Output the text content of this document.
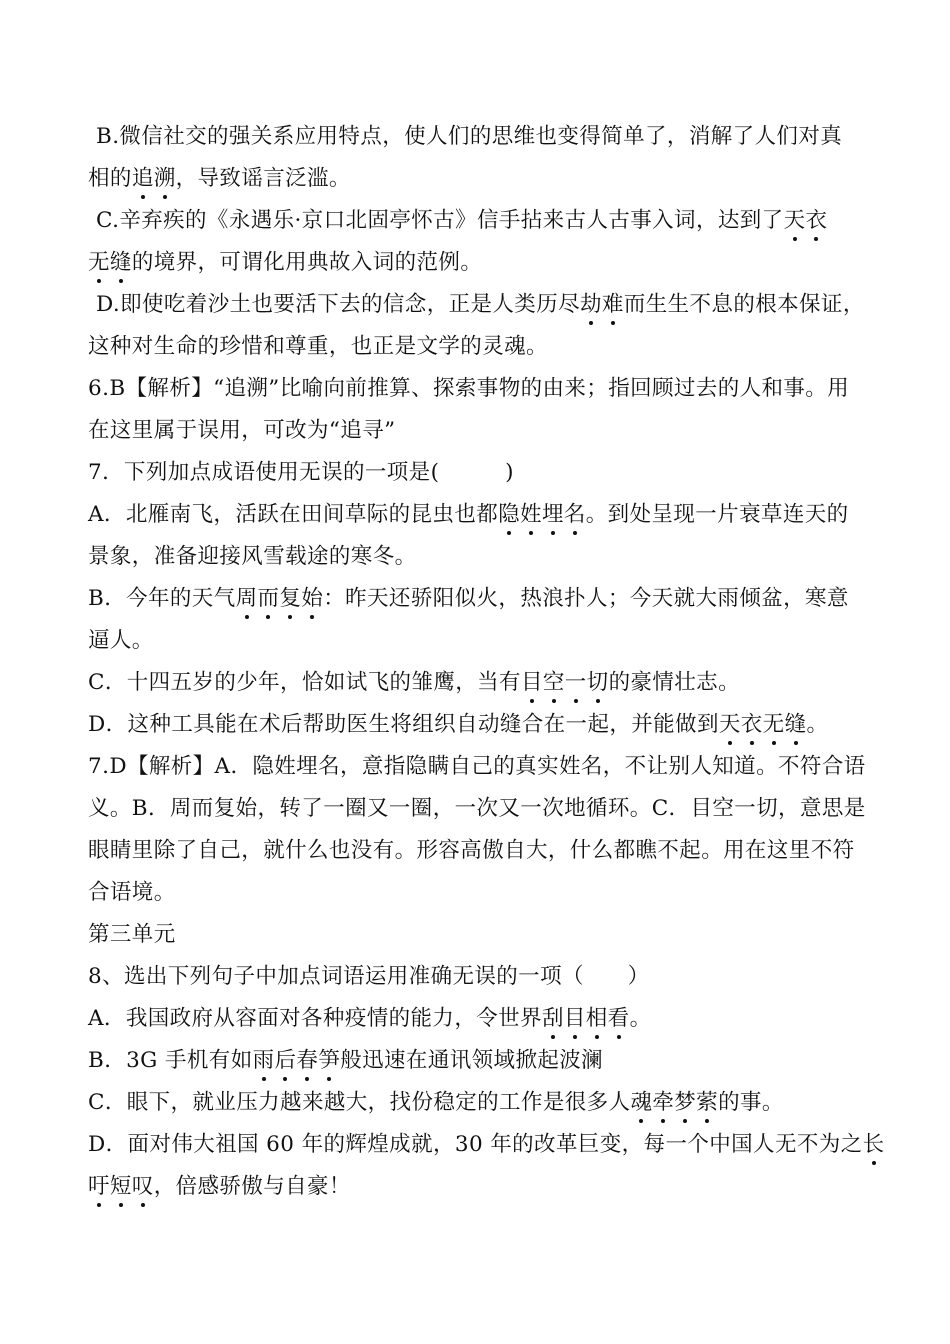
B.微信社交的强关系应用特点，使人们的思维也变得简单了，消解了人们对真
相的追溯，导致谣言泛滥。
C.辛弃疾的《永遇乐·京口北固亭怀古》信手拈来古人古事入词，达到了天衣
无缝的境界，可谓化用典故入词的范例。
D.即使吃着沙土也要活下去的信念，正是人类历尽劫难而生生不息的根本保证，
这种对生命的珍惜和尊重，也正是文学的灵魂。
6.B【解析】“追溯”比喻向前推算、探索事物的由来；指回顾过去的人和事。用
在这里属于误用，可改为“追寻”
7．下列加点成语使用无误的一项是(　　　)
A．北雁南飞，活跃在田间草际的昆虫也都隐姓埋名。到处呈现一片衰草连天的
景象，准备迎接风雪载途的寒冬。
B．今年的天气周而复始：昨天还骄阳似火，热浪扑人；今天就大雨倾盆，寒意
逼人。
C．十四五岁的少年，恰如试飞的雏鹰，当有目空一切的豪情壮志。
D．这种工具能在术后帮助医生将组织自动缝合在一起，并能做到天衣无缝。
7.D【解析】A．隐姓埋名，意指隐瞒自己的真实姓名，不让别人知道。不符合语
义。B．周而复始，转了一圈又一圈，一次又一次地循环。C．目空一切，意思是
眼睛里除了自己，就什么也没有。形容高傲自大，什么都瞧不起。用在这里不符
合语境。
第三单元
8、选出下列句子中加点词语运用准确无误的一项（　　）
A．我国政府从容面对各种疫情的能力，令世界刮目相看。
B．3G 手机有如雨后春笋般迅速在通讯领域掀起波澜
C．眼下，就业压力越来越大，找份稳定的工作是很多人魂牵梦萦的事。
D．面对伟大祖国 60 年的辉煌成就，30 年的改革巨变，每一个中国人无不为之长
吁短叹，倍感骄傲与自豪！
